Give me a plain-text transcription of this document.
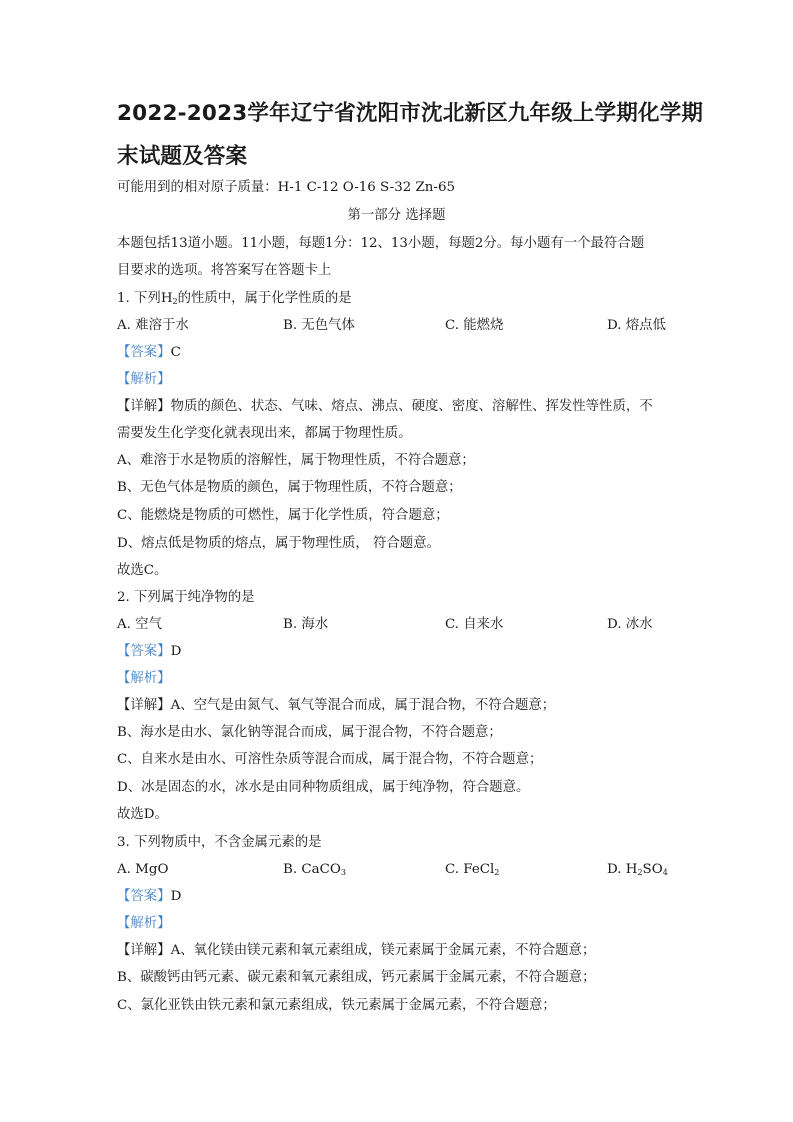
2022-2023学年辽宁省沈阳市沈北新区九年级上学期化学期
末试题及答案
可能用到的相对原子质量：H-1 C-12 O-16 S-32 Zn-65
第一部分 选择题
本题包括13道小题。11小题，每题1分：12、13小题，每题2分。每小题有一个最符合题
目要求的选项。将答案写在答题卡上
1. 下列$H_2$的性质中，属于化学性质的是
A. 难溶于水	B. 无色气体	C. 能燃烧	D. 熔点低
【答案】C
【解析】
【详解】物质的颜色、状态、气味、熔点、沸点、硬度、密度、溶解性、挥发性等性质，不
需要发生化学变化就表现出来，都属于物理性质。
A、难溶于水是物质的溶解性，属于物理性质，不符合题意；
B、无色气体是物质的颜色，属于物理性质，不符合题意；
C、能燃烧是物质的可燃性，属于化学性质，符合题意；
D、熔点低是物质的熔点，属于物理性质， 符合题意。
故选C。
2. 下列属于纯净物的是
A. 空气	B. 海水	C. 自来水	D. 冰水
【答案】D
【解析】
【详解】A、空气是由氮气、氧气等混合而成，属于混合物，不符合题意；
B、海水是由水、氯化钠等混合而成，属于混合物，不符合题意；
C、自来水是由水、可溶性杂质等混合而成，属于混合物，不符合题意；
D、冰是固态的水，冰水是由同种物质组成，属于纯净物，符合题意。
故选D。
3. 下列物质中，不含金属元素的是
A. MgO	B. CaCO$_3$	C. FeCl$_2$	D. $H_2SO_4$
【答案】D
【解析】
【详解】A、氧化镁由镁元素和氧元素组成，镁元素属于金属元素，不符合题意；
B、碳酸钙由钙元素、碳元素和氧元素组成，钙元素属于金属元素，不符合题意；
C、氯化亚铁由铁元素和氯元素组成，铁元素属于金属元素，不符合题意；
